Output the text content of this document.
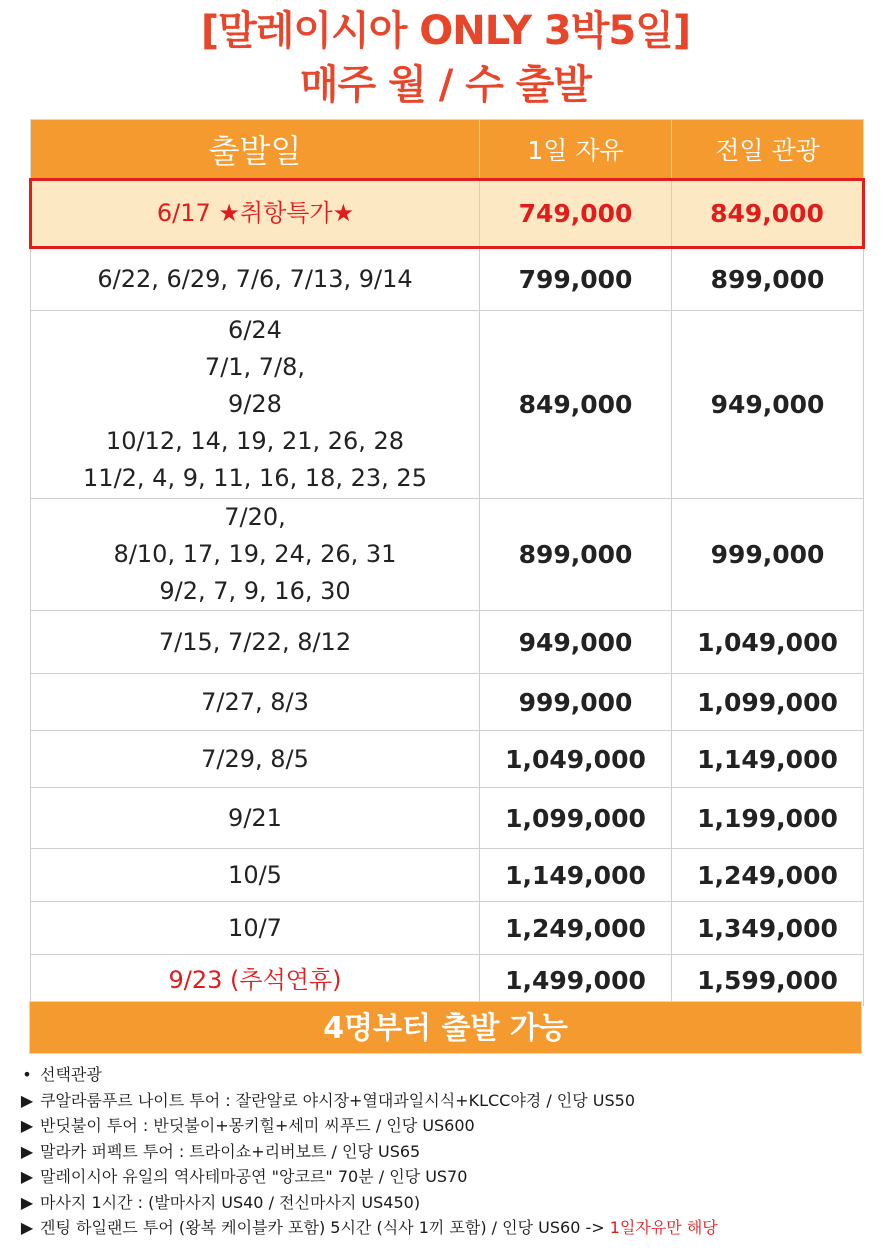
[말레이시아 ONLY 3박5일]
매주 월 / 수 출발
출발일	1일 자유	전일 관광

6/17 ★취항특가★	749,000	849,000

6/22, 6/29, 7/6, 7/13, 9/14	799,000	899,000

6/24
7/1, 7/8,
9/28
10/12, 14, 19, 21, 26, 28
11/2, 4, 9, 11, 16, 18, 23, 25	849,000	949,000

7/20,
8/10, 17, 19, 24, 26, 31
9/2, 7, 9, 16, 30	899,000	999,000

7/15, 7/22, 8/12	949,000	1,049,000

7/27, 8/3	999,000	1,099,000

7/29, 8/5	1,049,000	1,149,000

9/21	1,099,000	1,199,000

10/5	1,149,000	1,249,000

10/7	1,249,000	1,349,000

9/23 (추석연휴)	1,499,000	1,599,000
4명부터 출발 가능
• 선택관광
▶ 쿠알라룸푸르 나이트 투어 : 잘란알로 야시장+열대과일시식+KLCC야경 / 인당 US50
▶ 반딧불이 투어 : 반딧불이+몽키힐+세미 씨푸드 / 인당 US600
▶ 말라카 퍼펙트 투어 : 트라이쇼+리버보트 / 인당 US65
▶ 말레이시아 유일의 역사테마공연 "앙코르" 70분 / 인당 US70
▶ 마사지 1시간 : (발마사지 US40 / 전신마사지 US450)
▶ 겐팅 하일랜드 투어 (왕복 케이블카 포함) 5시간 (식사 1끼 포함) / 인당 US60 -> 1일자유만 해당
